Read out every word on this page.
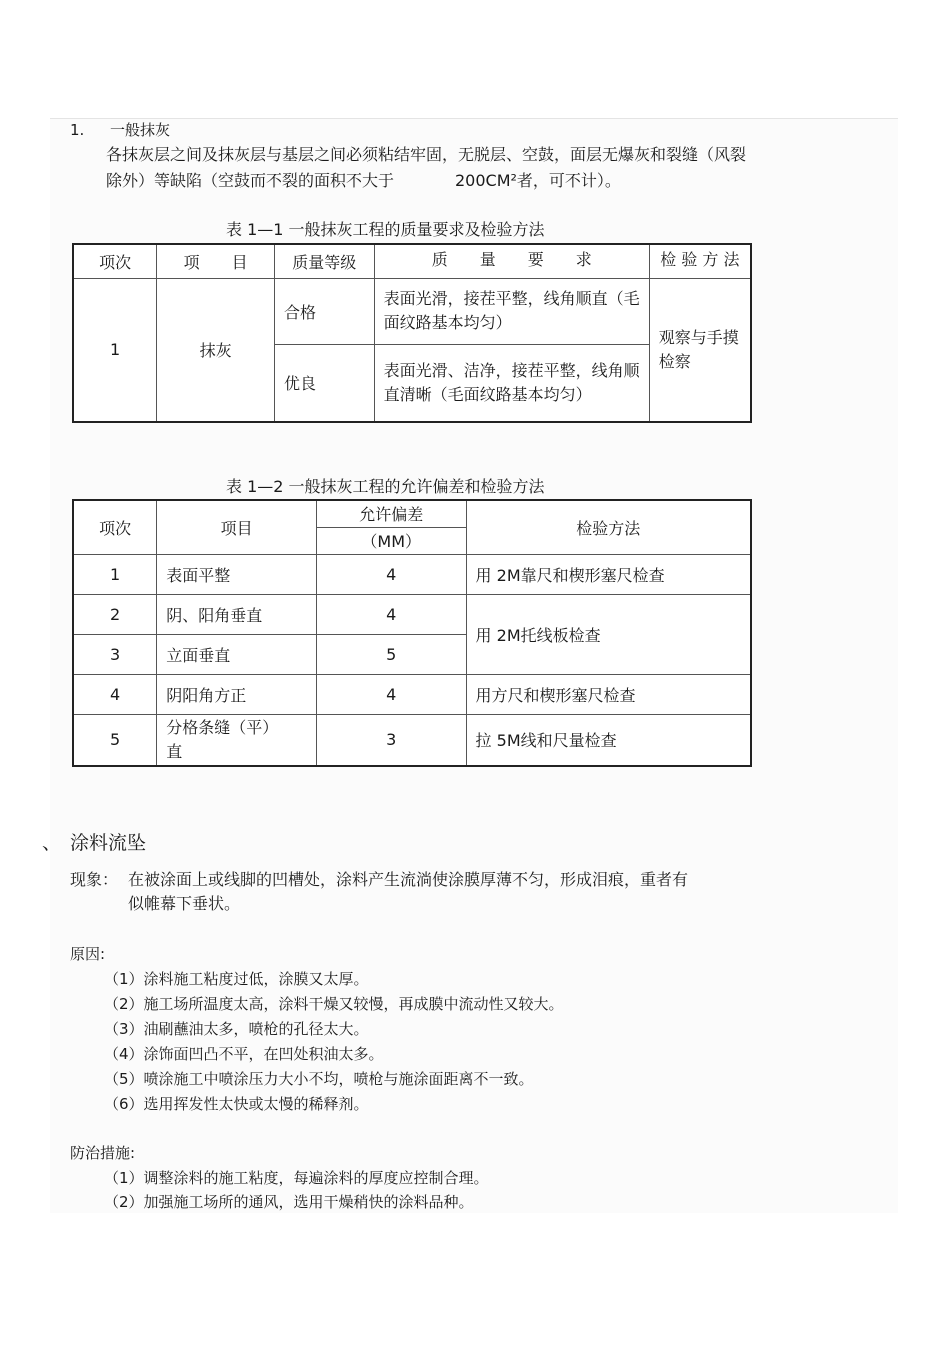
1. 一般抹灰
各抹灰层之间及抹灰层与基层之间必须粘结牢固，无脱层、空鼓，面层无爆灰和裂缝（风裂
除外）等缺陷（空鼓而不裂的面积不大于	200CM²者，可不计）。
表 1—1 一般抹灰工程的质量要求及检验方法
项次	项　　目	质量等级	质　　量　　要　　求	检 验 方 法
1	抹灰	合格	表面光滑，接茬平整，线角顺直（毛面纹路基本均匀）	观察与手摸检察
		优良	表面光滑、洁净，接茬平整，线角顺直清晰（毛面纹路基本均匀）	
表 1—2 一般抹灰工程的允许偏差和检验方法
项次	项目	允许偏差	检验方法
		（MM）	
1	表面平整	4	用 2M靠尺和楔形塞尺检查
2	阴、阳角垂直	4	用 2M托线板检查
3	立面垂直	5	
4	阴阳角方正	4	用方尺和楔形塞尺检查
5	分格条缝（平）直	3	拉 5M线和尺量检查
、 涂料流坠
现象： 在被涂面上或线脚的凹槽处，涂料产生流淌使涂膜厚薄不匀，形成泪痕，重者有
似帷幕下垂状。
原因:
（1）涂料施工粘度过低，涂膜又太厚。
（2）施工场所温度太高，涂料干燥又较慢，再成膜中流动性又较大。
（3）油刷蘸油太多，喷枪的孔径太大。
（4）涂饰面凹凸不平，在凹处积油太多。
（5）喷涂施工中喷涂压力大小不均，喷枪与施涂面距离不一致。
（6）选用挥发性太快或太慢的稀释剂。
防治措施:
（1）调整涂料的施工粘度，每遍涂料的厚度应控制合理。
（2）加强施工场所的通风，选用干燥稍快的涂料品种。
